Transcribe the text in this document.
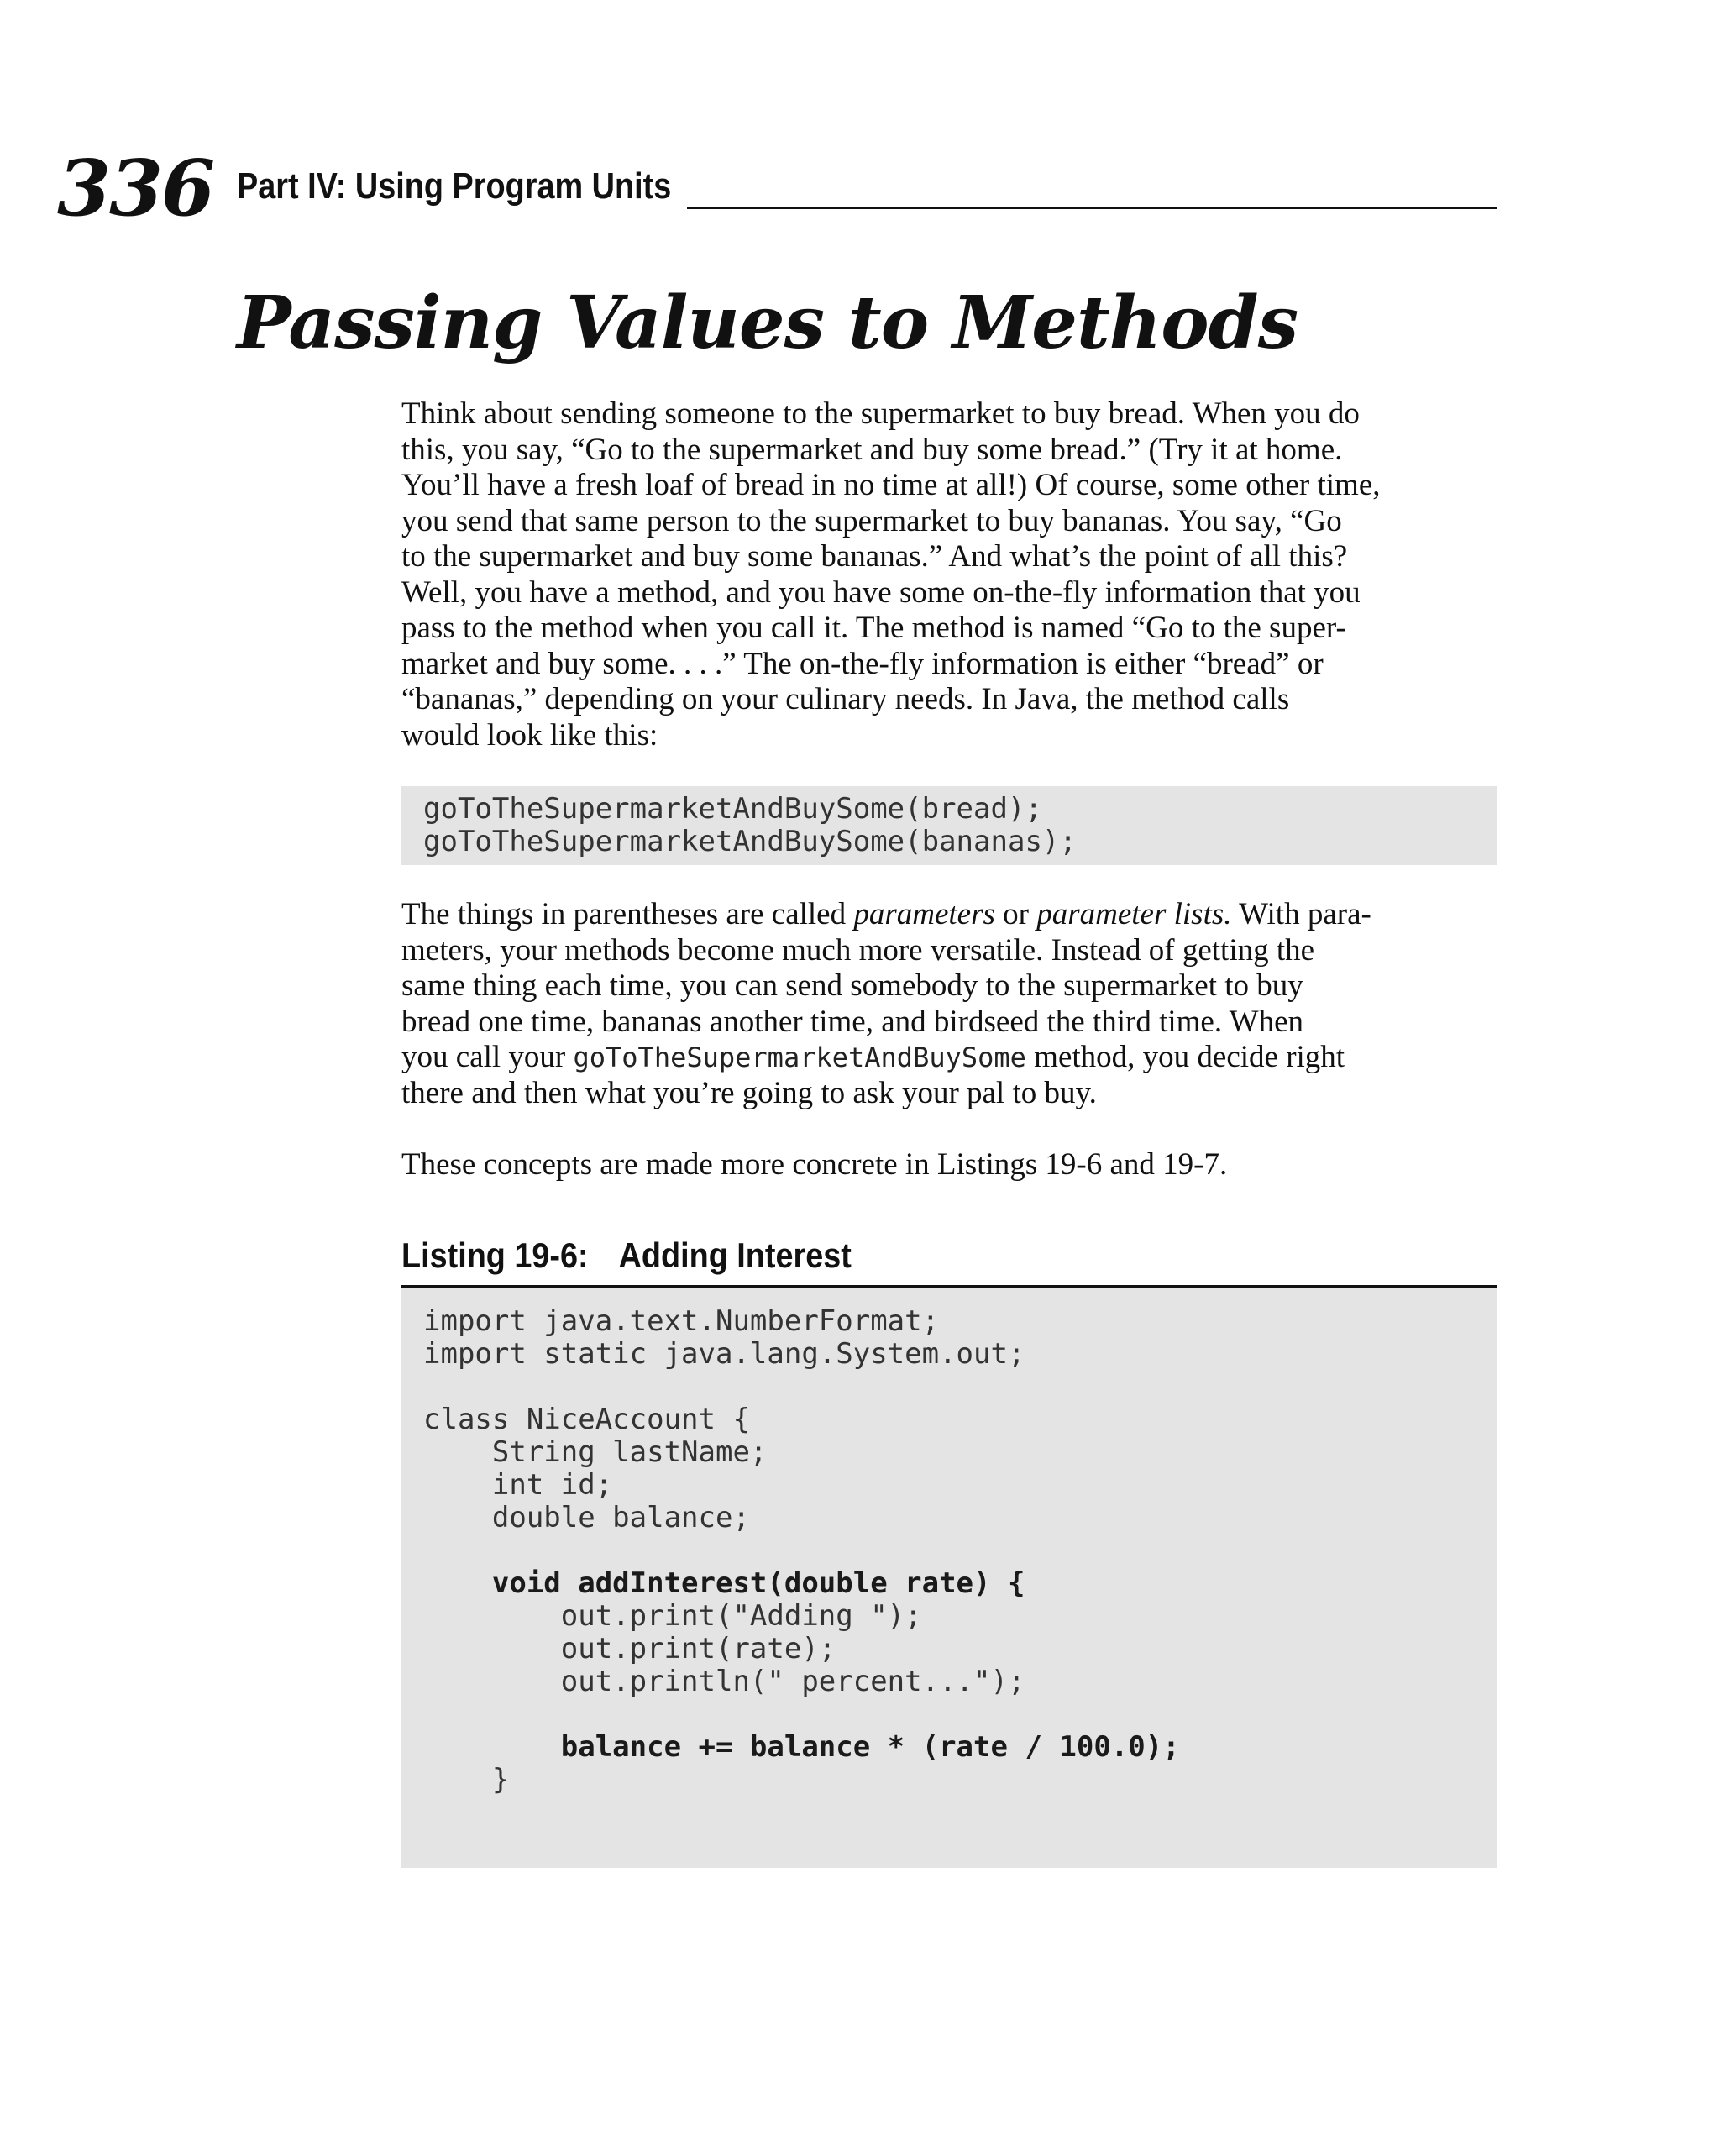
336 Part IV: Using Program Units
Passing Values to Methods

Think about sending someone to the supermarket to buy bread. When you do
this, you say, “Go to the supermarket and buy some bread.” (Try it at home.
You’ll have a fresh loaf of bread in no time at all!) Of course, some other time,
you send that same person to the supermarket to buy bananas. You say, “Go
to the supermarket and buy some bananas.” And what’s the point of all this?
Well, you have a method, and you have some on-the-fly information that you
pass to the method when you call it. The method is named “Go to the super-
market and buy some. . . .” The on-the-fly information is either “bread” or
“bananas,” depending on your culinary needs. In Java, the method calls
would look like this:

goToTheSupermarketAndBuySome(bread);
goToTheSupermarketAndBuySome(bananas);

The things in parentheses are called parameters or parameter lists. With para-
meters, your methods become much more versatile. Instead of getting the
same thing each time, you can send somebody to the supermarket to buy
bread one time, bananas another time, and birdseed the third time. When
you call your goToTheSupermarketAndBuySome method, you decide right
there and then what you’re going to ask your pal to buy.

These concepts are made more concrete in Listings 19-6 and 19-7.

Listing 19-6: Adding Interest
import java.text.NumberFormat;
import static java.lang.System.out;
class NiceAccount {
String lastName;
int id;
double balance;
void addInterest(double rate) {
out.print("Adding ");
out.print(rate);
out.println(" percent...");
balance += balance * (rate / 100.0);
}
